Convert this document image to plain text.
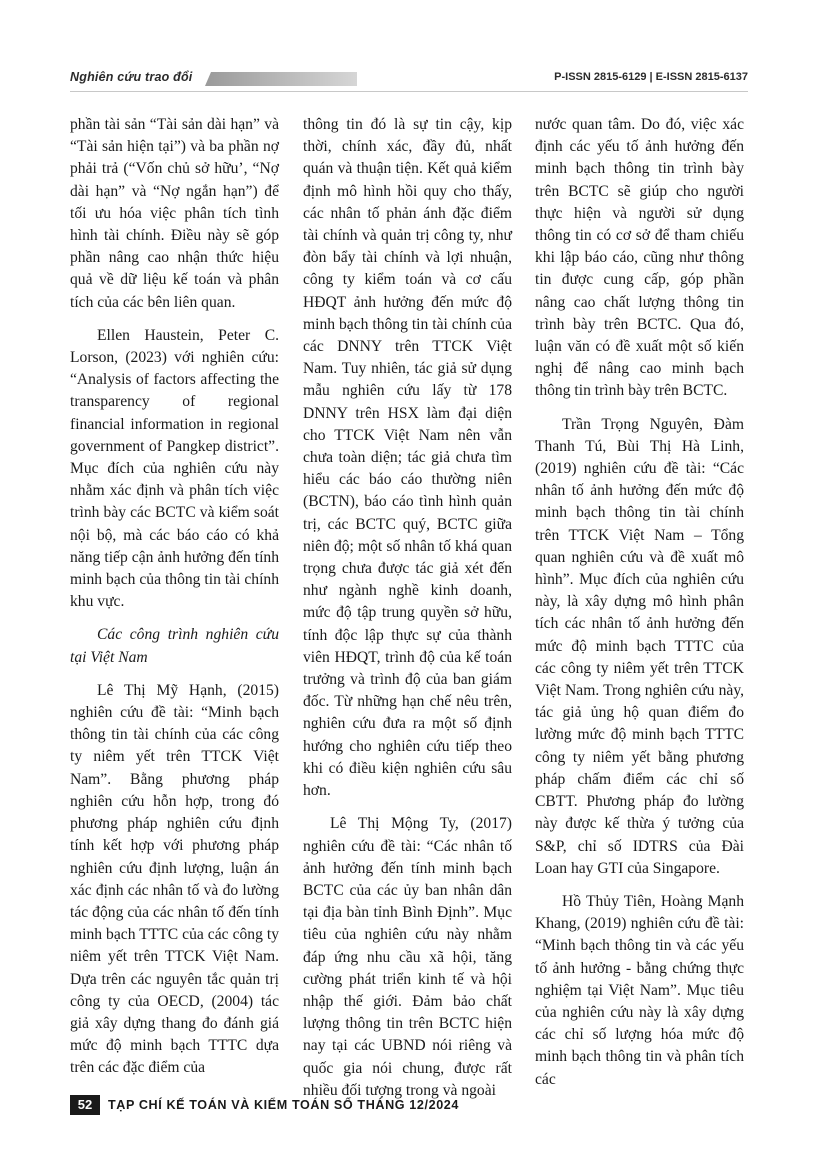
Nghiên cứu trao đổi	P-ISSN 2815-6129 | E-ISSN 2815-6137

phần tài sản “Tài sản dài hạn” và “Tài sản hiện tại”) và ba phần nợ phải trả (“Vốn chủ sở hữu’, “Nợ dài hạn” và “Nợ ngắn hạn”) để tối ưu hóa việc phân tích tình hình tài chính. Điều này sẽ góp phần nâng cao nhận thức hiệu quả về dữ liệu kế toán và phân tích của các bên liên quan.

Ellen Haustein, Peter C. Lorson, (2023) với nghiên cứu: “Analysis of factors affecting the transparency of regional financial information in regional government of Pangkep district”. Mục đích của nghiên cứu này nhằm xác định và phân tích việc trình bày các BCTC và kiểm soát nội bộ, mà các báo cáo có khả năng tiếp cận ảnh hưởng đến tính minh bạch của thông tin tài chính khu vực.

Các công trình nghiên cứu tại Việt Nam

Lê Thị Mỹ Hạnh, (2015) nghiên cứu đề tài: “Minh bạch thông tin tài chính của các công ty niêm yết trên TTCK Việt Nam”. Bằng phương pháp nghiên cứu hỗn hợp, trong đó phương pháp nghiên cứu định tính kết hợp với phương pháp nghiên cứu định lượng, luận án xác định các nhân tố và đo lường tác động của các nhân tố đến tính minh bạch TTTC của các công ty niêm yết trên TTCK Việt Nam. Dựa trên các nguyên tắc quản trị công ty của OECD, (2004) tác giả xây dựng thang đo đánh giá mức độ minh bạch TTTC dựa trên các đặc điểm của

thông tin đó là sự tin cậy, kịp thời, chính xác, đầy đủ, nhất quán và thuận tiện. Kết quả kiểm định mô hình hồi quy cho thấy, các nhân tố phản ánh đặc điểm tài chính và quản trị công ty, như đòn bẩy tài chính và lợi nhuận, công ty kiểm toán và cơ cấu HĐQT ảnh hưởng đến mức độ minh bạch thông tin tài chính của các DNNY trên TTCK Việt Nam. Tuy nhiên, tác giả sử dụng mẫu nghiên cứu lấy từ 178 DNNY trên HSX làm đại diện cho TTCK Việt Nam nên vẫn chưa toàn diện; tác giả chưa tìm hiểu các báo cáo thường niên (BCTN), báo cáo tình hình quản trị, các BCTC quý, BCTC giữa niên độ; một số nhân tố khá quan trọng chưa được tác giả xét đến như ngành nghề kinh doanh, mức độ tập trung quyền sở hữu, tính độc lập thực sự của thành viên HĐQT, trình độ của kế toán trưởng và trình độ của ban giám đốc. Từ những hạn chế nêu trên, nghiên cứu đưa ra một số định hướng cho nghiên cứu tiếp theo khi có điều kiện nghiên cứu sâu hơn.

Lê Thị Mộng Ty, (2017) nghiên cứu đề tài: “Các nhân tố ảnh hưởng đến tính minh bạch BCTC của các ủy ban nhân dân tại địa bàn tỉnh Bình Định”. Mục tiêu của nghiên cứu này nhằm đáp ứng nhu cầu xã hội, tăng cường phát triển kinh tế và hội nhập thế giới. Đảm bảo chất lượng thông tin trên BCTC hiện nay tại các UBND nói riêng và quốc gia nói chung, được rất nhiều đối tượng trong và ngoài

nước quan tâm. Do đó, việc xác định các yếu tố ảnh hưởng đến minh bạch thông tin trình bày trên BCTC sẽ giúp cho người thực hiện và người sử dụng thông tin có cơ sở để tham chiếu khi lập báo cáo, cũng như thông tin được cung cấp, góp phần nâng cao chất lượng thông tin trình bày trên BCTC. Qua đó, luận văn có đề xuất một số kiến nghị để nâng cao minh bạch thông tin trình bày trên BCTC.

Trần Trọng Nguyên, Đàm Thanh Tú, Bùi Thị Hà Linh, (2019) nghiên cứu đề tài: “Các nhân tố ảnh hưởng đến mức độ minh bạch thông tin tài chính trên TTCK Việt Nam – Tổng quan nghiên cứu và đề xuất mô hình”. Mục đích của nghiên cứu này, là xây dựng mô hình phân tích các nhân tố ảnh hưởng đến mức độ minh bạch TTTC của các công ty niêm yết trên TTCK Việt Nam. Trong nghiên cứu này, tác giả ủng hộ quan điểm đo lường mức độ minh bạch TTTC công ty niêm yết bằng phương pháp chấm điểm các chỉ số CBTT. Phương pháp đo lường này được kế thừa ý tưởng của S&P, chỉ số IDTRS của Đài Loan hay GTI của Singapore.

Hồ Thủy Tiên, Hoàng Mạnh Khang, (2019) nghiên cứu đề tài: “Minh bạch thông tin và các yếu tố ảnh hưởng - bằng chứng thực nghiệm tại Việt Nam”. Mục tiêu của nghiên cứu này là xây dựng các chỉ số lượng hóa mức độ minh bạch thông tin và phân tích các

52	TẠP CHÍ KẾ TOÁN VÀ KIỂM TOÁN SỐ THÁNG 12/2024
